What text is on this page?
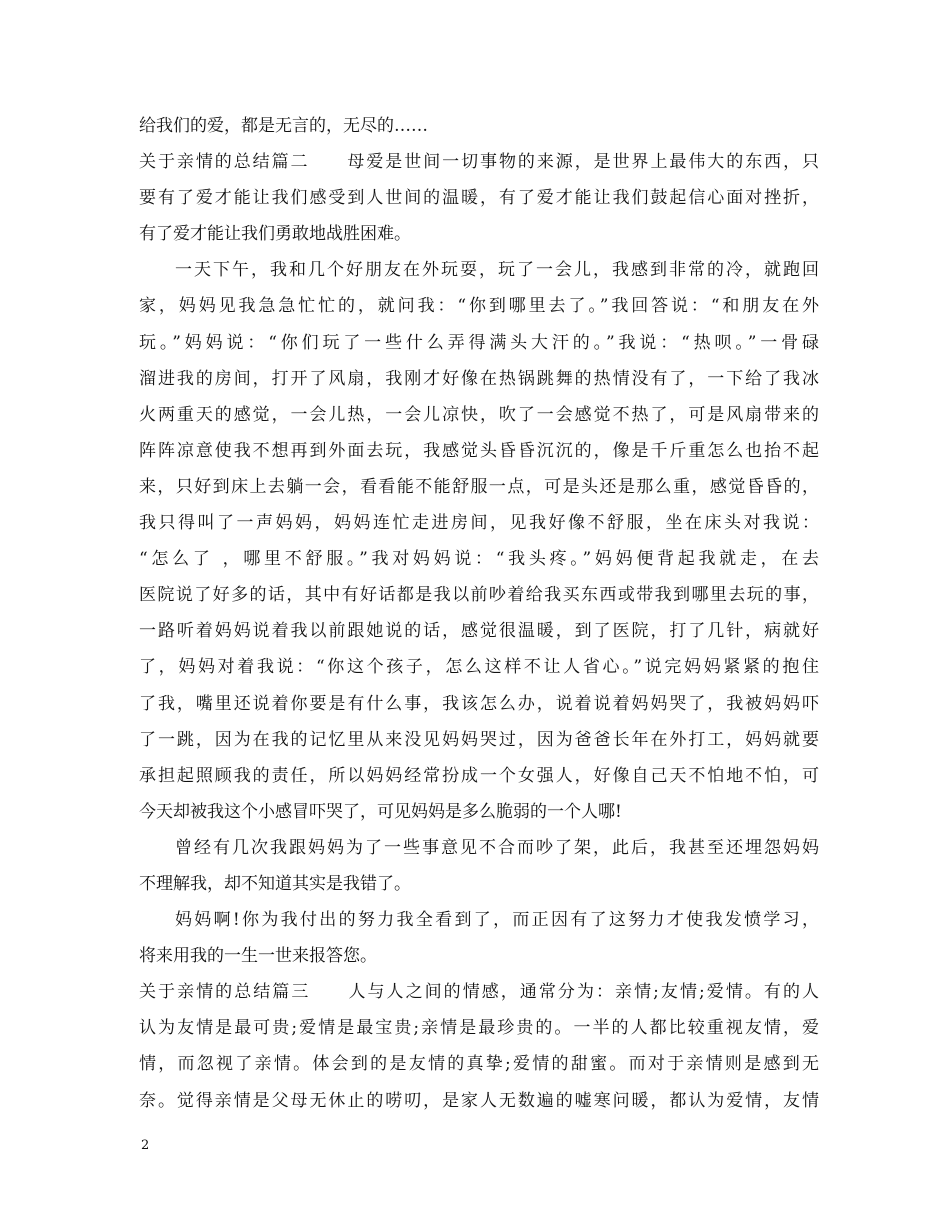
给我们的爱，都是无言的，无尽的……
关于亲情的总结篇二 母爱是世间一切事物的来源，是世界上最伟大的东西，只
要有了爱才能让我们感受到人世间的温暖，有了爱才能让我们鼓起信心面对挫折，
有了爱才能让我们勇敢地战胜困难。
一天下午，我和几个好朋友在外玩耍，玩了一会儿，我感到非常的冷，就跑回
家，妈妈见我急急忙忙的，就问我：“你到哪里去了。”我回答说：“和朋友在外
玩。”妈妈说：“你们玩了一些什么弄得满头大汗的。”我说：“热呗。”一骨碌
溜进我的房间，打开了风扇，我刚才好像在热锅跳舞的热情没有了，一下给了我冰
火两重天的感觉，一会儿热，一会儿凉快，吹了一会感觉不热了，可是风扇带来的
阵阵凉意使我不想再到外面去玩，我感觉头昏昏沉沉的，像是千斤重怎么也抬不起
来，只好到床上去躺一会，看看能不能舒服一点，可是头还是那么重，感觉昏昏的，
我只得叫了一声妈妈，妈妈连忙走进房间，见我好像不舒服，坐在床头对我说：
“怎么了 ，哪里不舒服。”我对妈妈说：“我头疼。”妈妈便背起我就走，在去
医院说了好多的话，其中有好话都是我以前吵着给我买东西或带我到哪里去玩的事，
一路听着妈妈说着我以前跟她说的话，感觉很温暖，到了医院，打了几针，病就好
了，妈妈对着我说：“你这个孩子，怎么这样不让人省心。”说完妈妈紧紧的抱住
了我，嘴里还说着你要是有什么事，我该怎么办，说着说着妈妈哭了，我被妈妈吓
了一跳，因为在我的记忆里从来没见妈妈哭过，因为爸爸长年在外打工，妈妈就要
承担起照顾我的责任，所以妈妈经常扮成一个女强人，好像自己天不怕地不怕，可
今天却被我这个小感冒吓哭了，可见妈妈是多么脆弱的一个人哪!
曾经有几次我跟妈妈为了一些事意见不合而吵了架，此后，我甚至还埋怨妈妈
不理解我，却不知道其实是我错了。
妈妈啊!你为我付出的努力我全看到了，而正因有了这努力才使我发愤学习，
将来用我的一生一世来报答您。
关于亲情的总结篇三 人与人之间的情感，通常分为：亲情;友情;爱情。有的人
认为友情是最可贵;爱情是最宝贵;亲情是最珍贵的。一半的人都比较重视友情，爱
情，而忽视了亲情。体会到的是友情的真挚;爱情的甜蜜。而对于亲情则是感到无
奈。觉得亲情是父母无休止的唠叨，是家人无数遍的嘘寒问暖，都认为爱情，友情
2
